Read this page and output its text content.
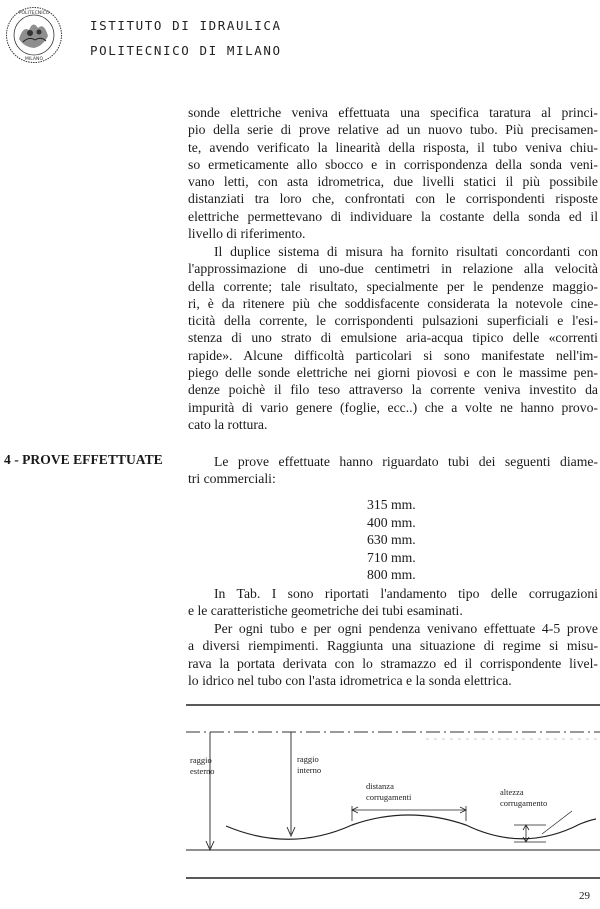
POLITECNICO
MILANO
ISTITUTO DI IDRAULICA
POLITECNICO DI MILANO
sonde elettriche veniva effettuata una specifica taratura al princi-
pio della serie di prove relative ad un nuovo tubo. Più precisamen-
te, avendo verificato la linearità della risposta, il tubo veniva chiu-
so ermeticamente allo sbocco e in corrispondenza della sonda veni-
vano letti, con asta idrometrica, due livelli statici il più possibile
distanziati tra loro che, confrontati con le corrispondenti risposte
elettriche permettevano di individuare la costante della sonda ed il
livello di riferimento.
Il duplice sistema di misura ha fornito risultati concordanti con
l'approssimazione di uno-due centimetri in relazione alla velocità
della corrente; tale risultato, specialmente per le pendenze maggio-
ri, è da ritenere più che soddisfacente considerata la notevole cine-
ticità della corrente, le corrispondenti pulsazioni superficiali e l'esi-
stenza di uno strato di emulsione aria-acqua tipico delle «correnti
rapide». Alcune difficoltà particolari si sono manifestate nell'im-
piego delle sonde elettriche nei giorni piovosi e con le massime pen-
denze poichè il filo teso attraverso la corrente veniva investito da
impurità di vario genere (foglie, ecc..) che a volte ne hanno provo-
cato la rottura.
4 - PROVE EFFETTUATE	Le prove effettuate hanno riguardato tubi dei seguenti diame-
tri commerciali:
315 mm.
400 mm.
630 mm.
710 mm.
800 mm.
In Tab. I sono riportati l'andamento tipo delle corrugazioni
e le caratteristiche geometriche dei tubi esaminati.
Per ogni tubo e per ogni pendenza venivano effettuate 4-5 prove
a diversi riempimenti. Raggiunta una situazione di regime si misu-
rava la portata derivata con lo stramazzo ed il corrispondente livel-
lo idrico nel tubo con l'asta idrometrica e la sonda elettrica.
raggio
esterno
raggio
interno
distanza
corrugamenti	altezza
corrugamento
29
